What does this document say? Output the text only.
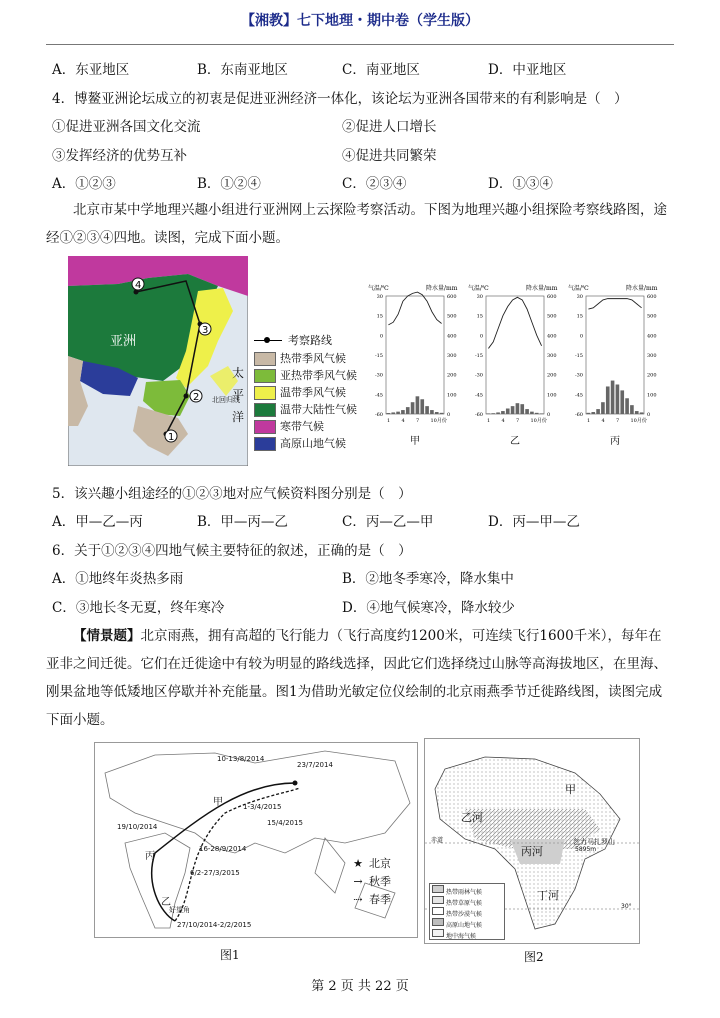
【湘教】七下地理・期中卷（学生版）
A．东亚地区	B．东南亚地区	C．南亚地区	D．中亚地区
4．博鳌亚洲论坛成立的初衷是促进亚洲经济一体化，该论坛为亚洲各国带来的有利影响是（　）
①促进亚洲各国文化交流	②促进人口增长
③发挥经济的优势互补	④促进共同繁荣
A．①②③	B．①②④	C．②③④	D．①③④
北京市某中学地理兴趣小组进行亚洲网上云探险考察活动。下图为地理兴趣小组探险考察线路图，途经①②③④四地。读图，完成下面小题。
4
3
2
1
亚洲
太
平
洋
北回归线
考察路线
热带季风气候
亚热带季风气候
温带季风气候
温带大陆性气候
寒带气候
高原山地气候
气温/℃	降水量/mm
30	600
15	500
0	400
-15	300
-30	200
-45	100
-60	0
1 4 7 10月份
甲
气温/℃	降水量/mm
30	600
15	500
0	400
-15	300
-30	200
-45	100
-60	0
1 4 7 10月份
乙
气温/℃	降水量/mm
30	600
15	500
0	400
-15	300
-30	200
-45	100
-60	0
1 4 7 10月份
丙
5．该兴趣小组途经的①②③地对应气候资料图分别是（　）
A．甲—乙—丙	B．甲—丙—乙	C．丙—乙—甲	D．丙—甲—乙
6．关于①②③④四地气候主要特征的叙述，正确的是（　）
A．①地终年炎热多雨	B．②地冬季寒冷，降水集中
C．③地长冬无夏，终年寒冷	D．④地气候寒冷，降水较少
【情景题】北京雨燕，拥有高超的飞行能力（飞行高度约1200米，可连续飞行1600千米），每年在亚非之间迁徙。它们在迁徙途中有较为明显的路线选择，因此它们选择绕过山脉等高海拔地区，在里海、刚果盆地等低矮地区停歇并补充能量。图1为借助光敏定位仪绘制的北京雨燕季节迁徙路线图，读图完成下面小题。
10-13/8/2014
23/7/2014
甲	1-3/4/2015
15/4/2015
19/10/2014
16-28/9/2014
丙
6/2-27/3/2015
乙
好望角
27/10/2014-2/2/2015
★ 北京
→ 秋季
⇢ 春季
图1
甲
乙河
丙河
丁河
乞力马扎罗山
5895m
赤道
30°
热带雨林气候
热带草原气候
热带沙漠气候
高原山地气候
地中海气候
图2
第 2 页 共 22 页
